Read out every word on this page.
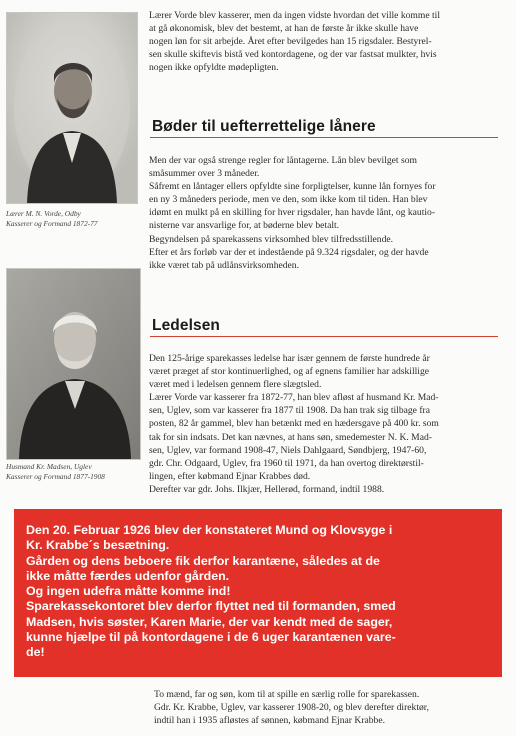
Lærer M. N. Vorde, Odby
Kasserer og Formand 1872-77
Husmand Kr. Madsen, Uglev
Kasserer og Formand 1877-1908

Lærer Vorde blev kasserer, men da ingen vidste hvordan det ville komme til
at gå økonomisk, blev det bestemt, at han de første år ikke skulle have
nogen løn for sit arbejde. Året efter bevilgedes han 15 rigsdaler. Bestyrel-
sen skulle skiftevis bistå ved kontordagene, og der var fastsat mulkter, hvis
nogen ikke opfyldte mødepligten.

Bøder til uefterrettelige lånere

Men der var også strenge regler for låntagerne. Lån blev bevilget som
småsummer over 3 måneder.
Såfremt en låntager ellers opfyldte sine forpligtelser, kunne lån fornyes for
en ny 3 måneders periode, men ve den, som ikke kom til tiden. Han blev
idømt en mulkt på en skilling for hver rigsdaler, han havde lånt, og kautio-
nisterne var ansvarlige for, at bøderne blev betalt.
Begyndelsen på sparekassens virksomhed blev tilfredsstillende.
Efter et års forløb var der et indestående på 9.324 rigsdaler, og der havde
ikke været tab på udlånsvirksomheden.

Ledelsen

Den 125-årige sparekasses ledelse har især gennem de første hundrede år
været præget af stor kontinuerlighed, og af egnens familier har adskillige
været med i ledelsen gennem flere slægtsled.
Lærer Vorde var kasserer fra 1872-77, han blev afløst af husmand Kr. Mad-
sen, Uglev, som var kasserer fra 1877 til 1908. Da han trak sig tilbage fra
posten, 82 år gammel, blev han betænkt med en hædersgave på 400 kr. som
tak for sin indsats. Det kan nævnes, at hans søn, smedemester N. K. Mad-
sen, Uglev, var formand 1908-47, Niels Dahlgaard, Søndbjerg, 1947-60,
gdr. Chr. Odgaard, Uglev, fra 1960 til 1971, da han overtog direktørstil-
lingen, efter købmand Ejnar Krabbes død.
Derefter var gdr. Johs. Ilkjær, Hellerød, formand, indtil 1988.

Den 20. Februar 1926 blev der konstateret Mund og Klovsyge i
Kr. Krabbe´s besætning.
Gården og dens beboere fik derfor karantæne, således at de
ikke måtte færdes udenfor gården.
Og ingen udefra måtte komme ind!
Sparekassekontoret blev derfor flyttet ned til formanden, smed
Madsen, hvis søster, Karen Marie, der var kendt med de sager,
kunne hjælpe til på kontordagene i de 6 uger karantænen vare-
de!

To mænd, far og søn, kom til at spille en særlig rolle for sparekassen.
Gdr. Kr. Krabbe, Uglev, var kasserer 1908-20, og blev derefter direktør,
indtil han i 1935 afløstes af sønnen, købmand Ejnar Krabbe.
